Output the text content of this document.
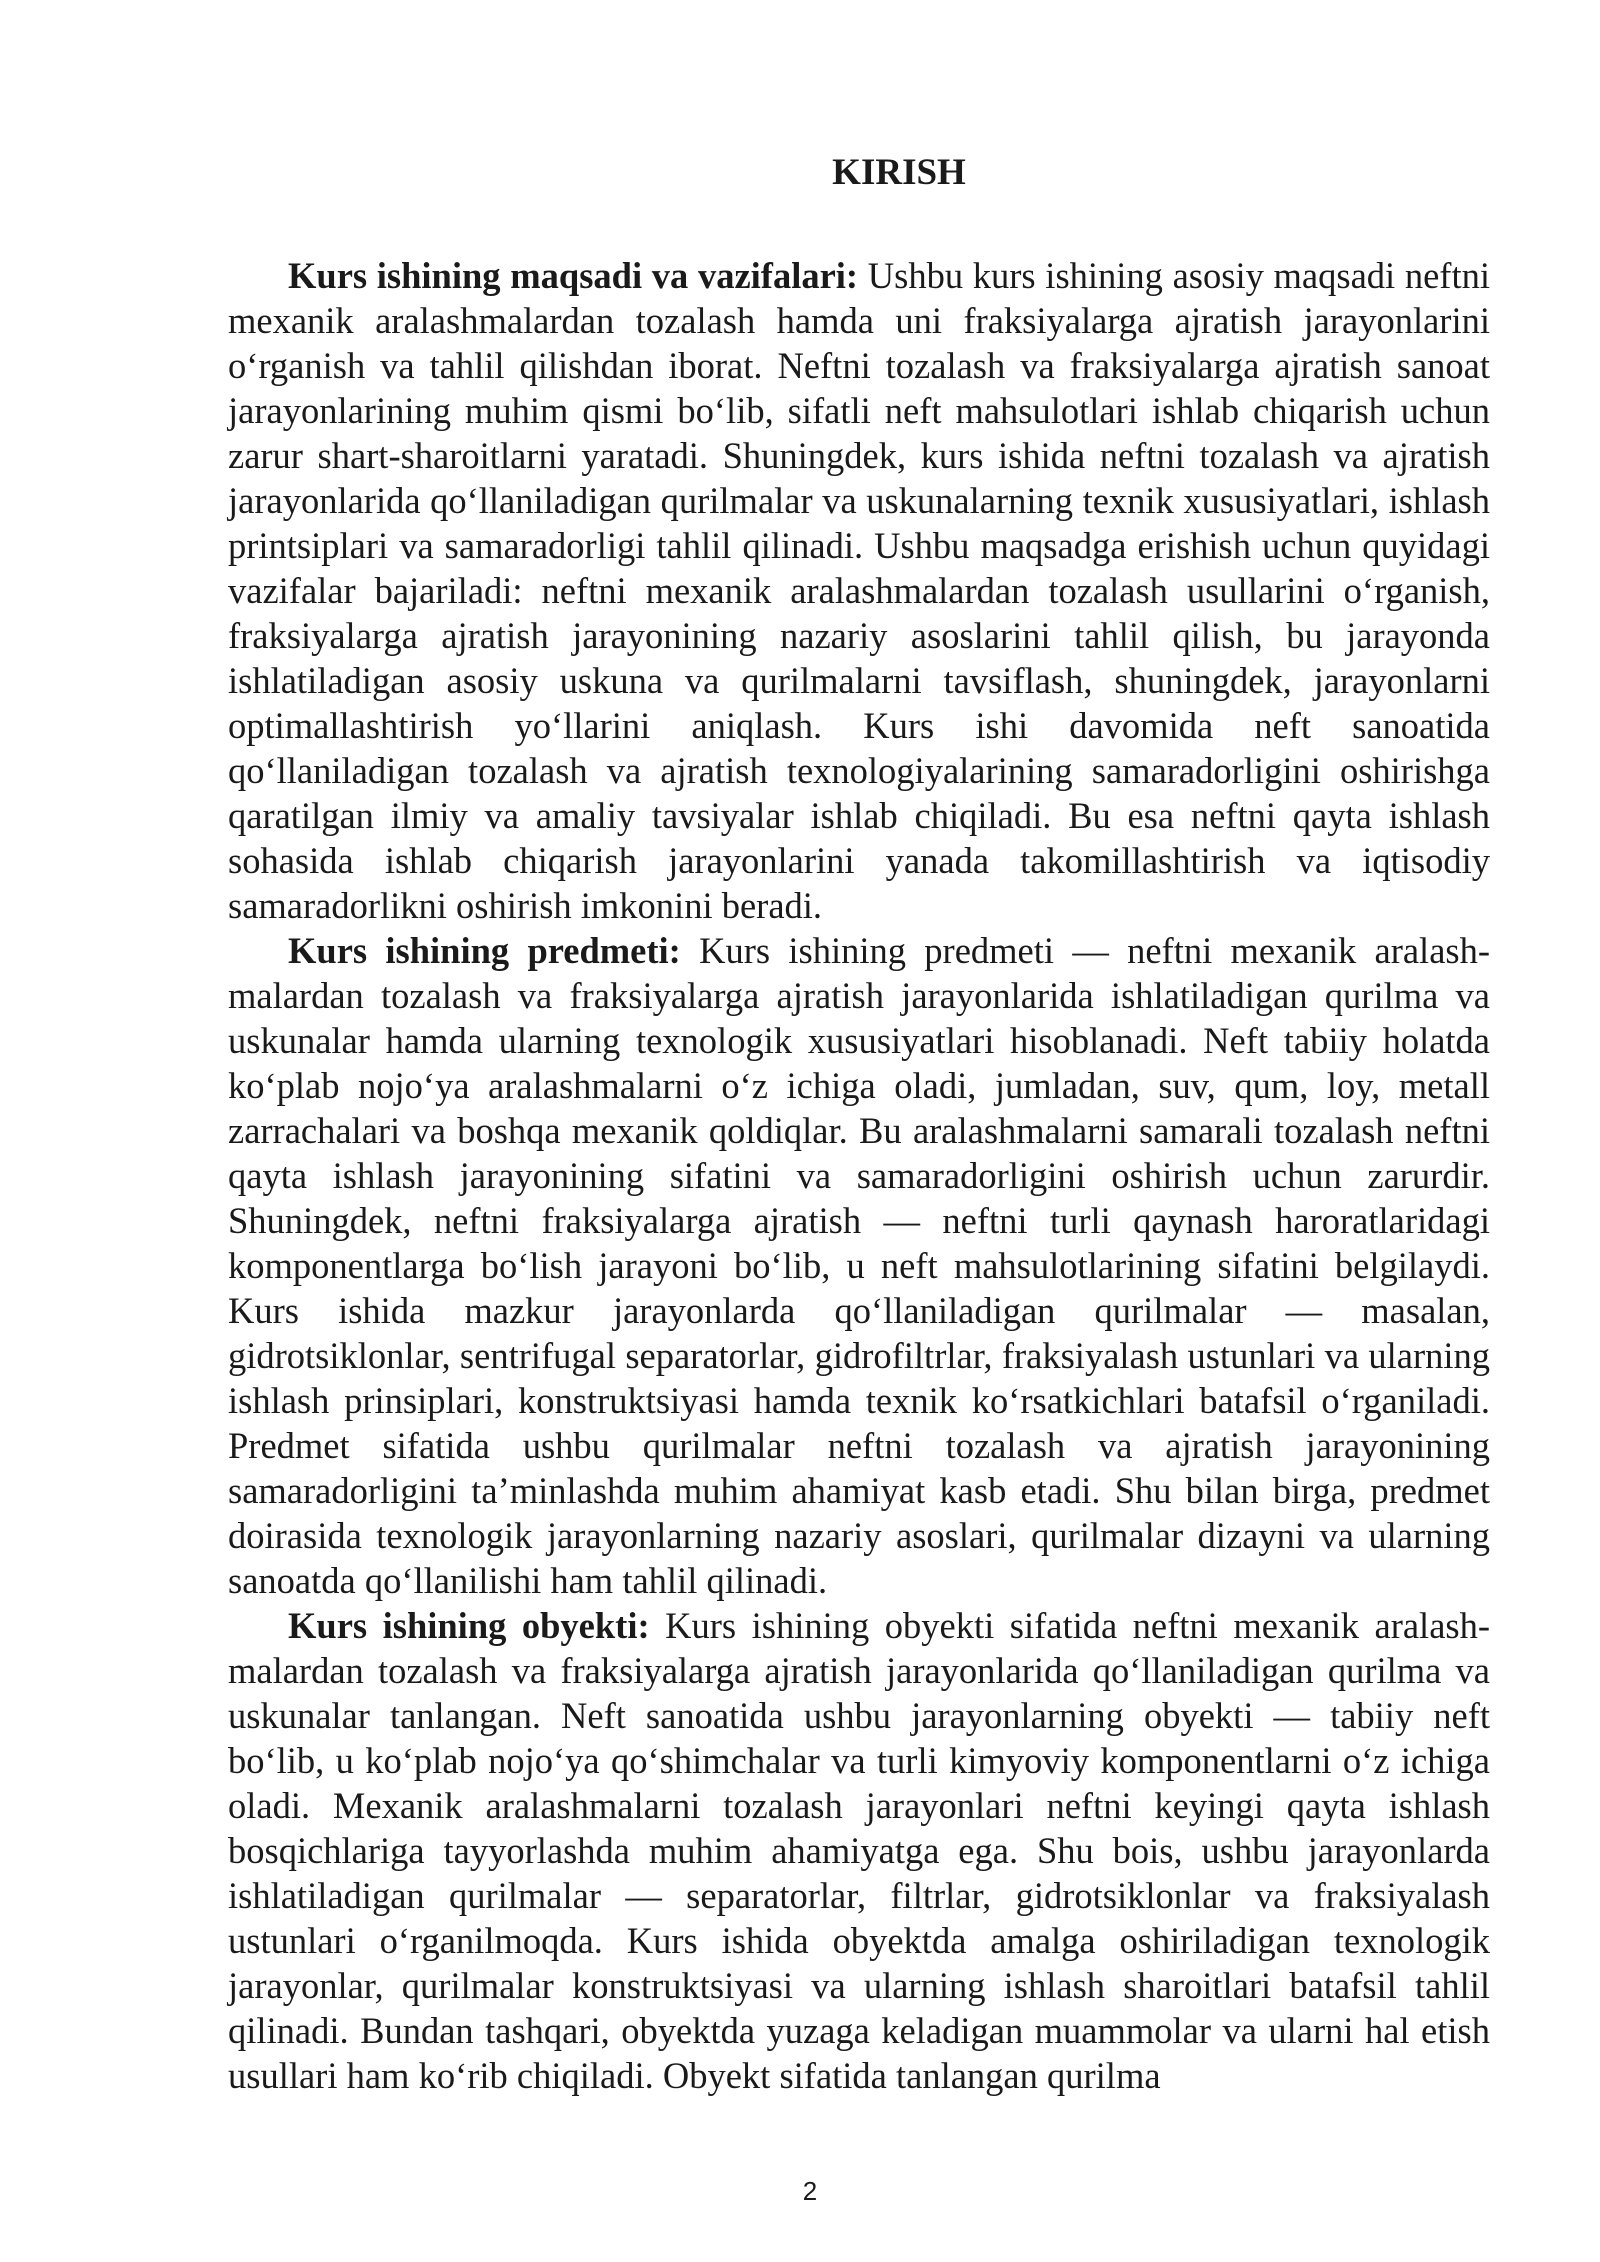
KIRISH

Kurs ishining maqsadi va vazifalari: Ushbu kurs ishining asosiy maqsadi neftni mexanik aralashmalardan tozalash hamda uni fraksiyalarga ajratish jarayonlarini o‘rganish va tahlil qilishdan iborat. Neftni tozalash va fraksiyalarga ajratish sanoat jarayonlarining muhim qismi bo‘lib, sifatli neft mahsulotlari ishlab chiqarish uchun zarur shart-sharoitlarni yaratadi. Shuningdek, kurs ishida neftni tozalash va ajratish jarayonlarida qo‘llaniladigan qurilmalar va uskunalarning texnik xususiyatlari, ishlash printsiplari va samaradorligi tahlil qilinadi. Ushbu maqsadga erishish uchun quyidagi vazifalar bajariladi: neftni mexanik aralashmalardan tozalash usullarini o‘rganish, fraksiyalarga ajratish jarayonining nazariy asoslarini tahlil qilish, bu jarayonda ishlatiladigan asosiy uskuna va qurilmalarni tavsiflash, shuningdek, jarayonlarni optimallashtirish yo‘llarini aniqlash. Kurs ishi davomida neft sanoatida qo‘llaniladigan tozalash va ajratish texnologiyalarining samaradorligini oshirishga qaratilgan ilmiy va amaliy tavsiyalar ishlab chiqiladi. Bu esa neftni qayta ishlash sohasida ishlab chiqarish jarayonlarini yanada takomillashtirish va iqtisodiy samaradorlikni oshirish imkonini beradi.

Kurs ishining predmeti: Kurs ishining predmeti — neftni mexanik aralashmalardan tozalash va fraksiyalarga ajratish jarayonlarida ishlatiladigan qurilma va uskunalar hamda ularning texnologik xususiyatlari hisoblanadi. Neft tabiiy holatda ko‘plab nojo‘ya aralashmalarni o‘z ichiga oladi, jumladan, suv, qum, loy, metall zarrachalari va boshqa mexanik qoldiqlar. Bu aralashmalarni samarali tozalash neftni qayta ishlash jarayonining sifatini va samaradorligini oshirish uchun zarurdir. Shuningdek, neftni fraksiyalarga ajratish — neftni turli qaynash haroratlaridagi komponentlarga bo‘lish jarayoni bo‘lib, u neft mahsulotlarining sifatini belgilaydi. Kurs ishida mazkur jarayonlarda qo‘llaniladigan qurilmalar — masalan, gidrotsiklonlar, sentrifugal separatorlar, gidrofiltrlar, fraksiyalash ustunlari va ularning ishlash prinsiplari, konstruktsiyasi hamda texnik ko‘rsatkichlari batafsil o‘rganiladi. Predmet sifatida ushbu qurilmalar neftni tozalash va ajratish jarayonining samaradorligini ta’minlashda muhim ahamiyat kasb etadi. Shu bilan birga, predmet doirasida texnologik jarayonlarning nazariy asoslari, qurilmalar dizayni va ularning sanoatda qo‘llanilishi ham tahlil qilinadi.

Kurs ishining obyekti: Kurs ishining obyekti sifatida neftni mexanik aralashmalardan tozalash va fraksiyalarga ajratish jarayonlarida qo‘llaniladigan qurilma va uskunalar tanlangan. Neft sanoatida ushbu jarayonlarning obyekti — tabiiy neft bo‘lib, u ko‘plab nojo‘ya qo‘shimchalar va turli kimyoviy komponentlarni o‘z ichiga oladi. Mexanik aralashmalarni tozalash jarayonlari neftni keyingi qayta ishlash bosqichlariga tayyorlashda muhim ahamiyatga ega. Shu bois, ushbu jarayonlarda ishlatiladigan qurilmalar — separatorlar, filtrlar, gidrotsiklonlar va fraksiyalash ustunlari o‘rganilmoqda. Kurs ishida obyektda amalga oshiriladigan texnologik jarayonlar, qurilmalar konstruktsiyasi va ularning ishlash sharoitlari batafsil tahlil qilinadi. Bundan tashqari, obyektda yuzaga keladigan muammolar va ularni hal etish usullari ham ko‘rib chiqiladi. Obyekt sifatida tanlangan qurilma

2
